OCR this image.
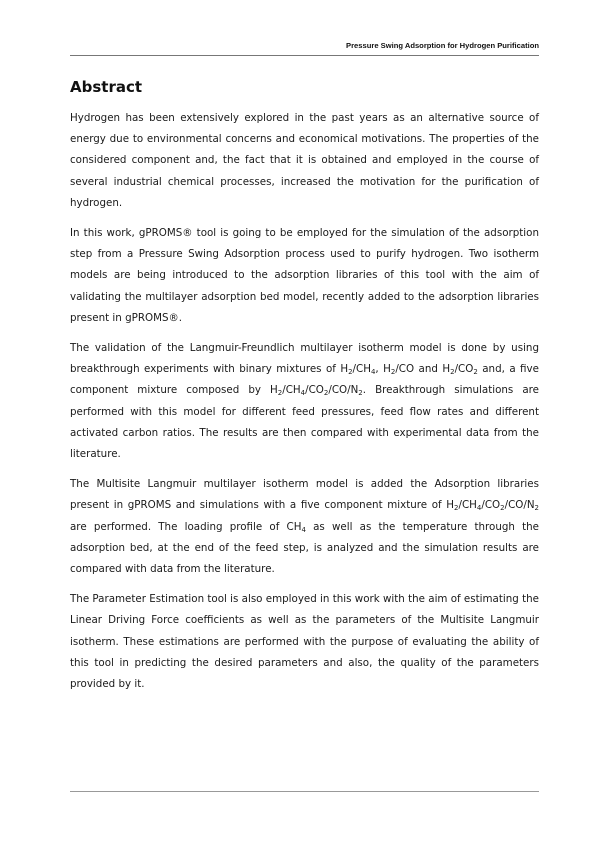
Pressure Swing Adsorption for Hydrogen Purification
Abstract

Hydrogen has been extensively explored in the past years as an alternative source of energy due to environmental concerns and economical motivations. The properties of the considered component and, the fact that it is obtained and employed in the course of several industrial chemical processes, increased the motivation for the purification of hydrogen.

In this work, gPROMS® tool is going to be employed for the simulation of the adsorption step from a Pressure Swing Adsorption process used to purify hydrogen. Two isotherm models are being introduced to the adsorption libraries of this tool with the aim of validating the multilayer adsorption bed model, recently added to the adsorption libraries present in gPROMS®.

The validation of the Langmuir-Freundlich multilayer isotherm model is done by using breakthrough experiments with binary mixtures of $H_2/CH_4$, $H_2/CO$ and $H_2/CO_2$ and, a five component mixture composed by $H_2/CH_4/CO_2/CO/N_2$. Breakthrough simulations are performed with this model for different feed pressures, feed flow rates and different activated carbon ratios. The results are then compared with experimental data from the literature.

The Multisite Langmuir multilayer isotherm model is added the Adsorption libraries present in gPROMS and simulations with a five component mixture of $H_2/CH_4/CO_2/CO/N_2$ are performed. The loading profile of $CH_4$ as well as the temperature through the adsorption bed, at the end of the feed step, is analyzed and the simulation results are compared with data from the literature.

The Parameter Estimation tool is also employed in this work with the aim of estimating the Linear Driving Force coefficients as well as the parameters of the Multisite Langmuir isotherm. These estimations are performed with the purpose of evaluating the ability of this tool in predicting the desired parameters and also, the quality of the parameters provided by it.
